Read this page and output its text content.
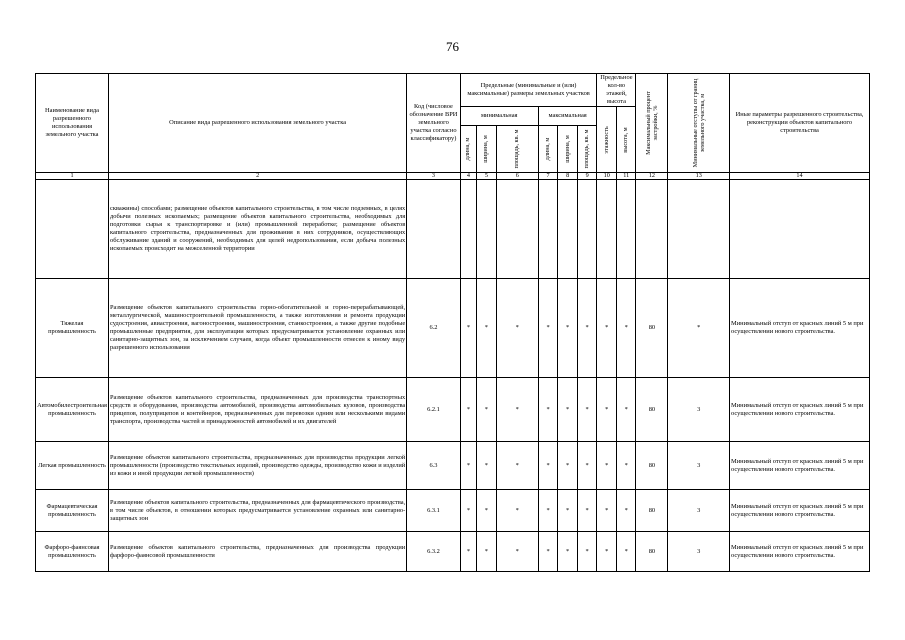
76
Наименование вида разрешенного использования земельного участка	Описание вида разрешенного использования земельного участка	Код (числовое обозначение ВРИ земельного участка согласно классификатору)	Предельные (минимальные и (или) максимальные) размеры земельных участков						Предельное кол-во этажей, высота		Максимальный процент застройки, %	Минимальные отступы от границ земельного участка, м	Иные параметры разрешенного строительства, реконструкции объектов капитального строительства
			минимальная			максимальная			этажность	высота, м			

			длина, м	ширина, м	площадь, кв. м	длина, м	ширина, м	площадь, кв. м					

1	2	3	4	5	6	7	8	9	10	11	12	13	14
	скважины) способами; размещение объектов капитального строительства, в том числе подземных, в целях добычи полезных ископаемых; размещение объектов капитального строительства, необходимых для подготовки сырья к транспортировке и (или) промышленной переработке; размещение объектов капитального строительства, предназначенных для проживания в них сотрудников, осуществляющих обслуживание зданий и сооружений, необходимых для целей недропользования, если добыча полезных ископаемых происходит на межселенной территории												
Тяжелая промышленность	Размещение объектов капитального строительства горно-обогатительной и горно-перерабатывающей, металлургической, машиностроительной промышленности, а также изготовления и ремонта продукции судостроения, авиастроения, вагоностроения, машиностроения, станкостроения, а также другие подобные промышленные предприятия, для эксплуатации которых предусматривается установление охранных или санитарно-защитных зон, за исключением случаев, когда объект промышленности отнесен к иному виду разрешенного использования	6.2	*	*	*	*	*	*	*	*	80	*	Минимальный отступ от красных линий 5 м при осуществлении нового строительства.
Автомобилестроительная промышленность	Размещение объектов капитального строительства, предназначенных для производства транспортных средств и оборудования, производства автомобилей, производства автомобильных кузовов, производства прицепов, полуприцепов и контейнеров, предназначенных для перевозки одним или несколькими видами транспорта, производства частей и принадлежностей автомобилей и их двигателей	6.2.1	*	*	*	*	*	*	*	*	80	3	Минимальный отступ от красных линий 5 м при осуществлении нового строительства.
Легкая промышленность	Размещение объектов капитального строительства, предназначенных для производства продукции легкой промышленности (производство текстильных изделий, производство одежды, производство кожи и изделий из кожи и иной продукции легкой промышленности)	6.3	*	*	*	*	*	*	*	*	80	3	Минимальный отступ от красных линий 5 м при осуществлении нового строительства.
Фармацевтическая промышленность	Размещение объектов капитального строительства, предназначенных для фармацевтического производства, в том числе объектов, в отношении которых предусматривается установление охранных или санитарно-защитных зон	6.3.1	*	*	*	*	*	*	*	*	80	3	Минимальный отступ от красных линий 5 м при осуществлении нового строительства.
Фарфоро-фаянсовая промышленность	Размещение объектов капитального строительства, предназначенных для производства продукции фарфоро-фаянсовой промышленности	6.3.2	*	*	*	*	*	*	*	*	80	3	Минимальный отступ от красных линий 5 м при осуществлении нового строительства.
